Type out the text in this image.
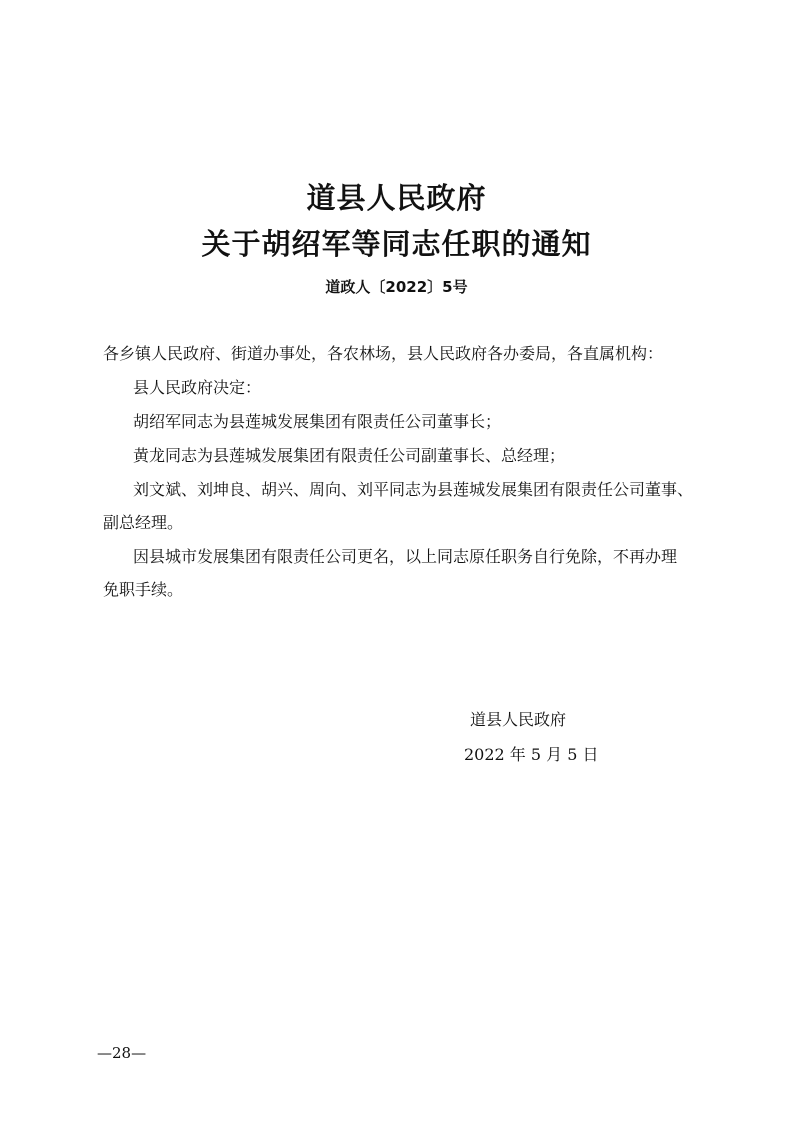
道县人民政府
关于胡绍军等同志任职的通知
道政人〔2022〕5号
各乡镇人民政府、街道办事处，各农林场，县人民政府各办委局，各直属机构：
县人民政府决定：
胡绍军同志为县莲城发展集团有限责任公司董事长；
黄龙同志为县莲城发展集团有限责任公司副董事长、总经理；
刘文斌、刘坤良、胡兴、周向、刘平同志为县莲城发展集团有限责任公司董事、
副总经理。
因县城市发展集团有限责任公司更名，以上同志原任职务自行免除，不再办理
免职手续。
道县人民政府
2022 年 5 月 5 日
—28—
